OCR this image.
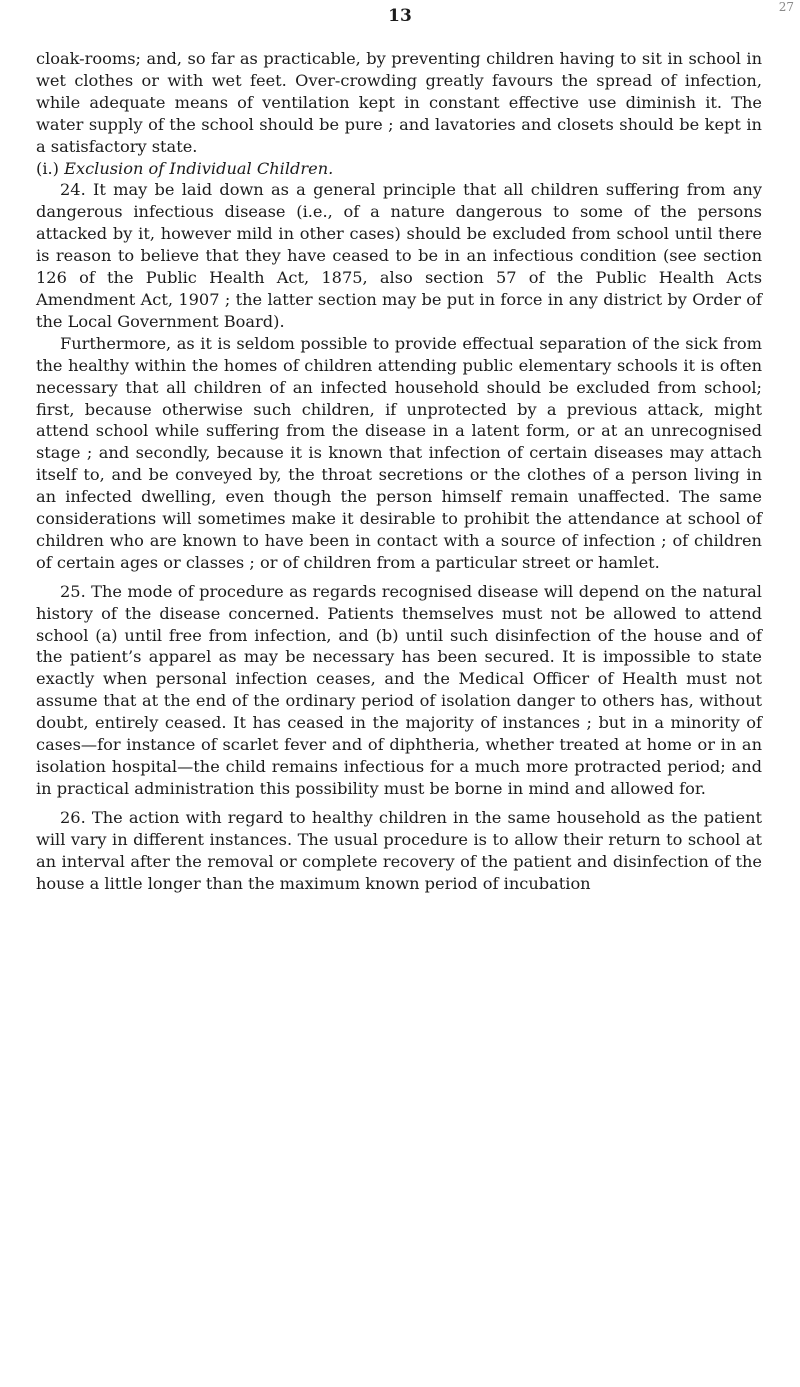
13	27

cloak-rooms; and, so far as practicable, by preventing children having to sit in school in wet clothes or with wet feet. Over-crowding greatly favours the spread of infection, while adequate means of ventilation kept in constant effective use diminish it. The water supply of the school should be pure ; and lavatories and closets should be kept in a satisfactory state.

(i.) Exclusion of Individual Children.

24. It may be laid down as a general principle that all children suffering from any dangerous infectious disease (i.e., of a nature dangerous to some of the persons attacked by it, however mild in other cases) should be excluded from school until there is reason to believe that they have ceased to be in an infectious condition (see section 126 of the Public Health Act, 1875, also section 57 of the Public Health Acts Amendment Act, 1907 ; the latter section may be put in force in any district by Order of the Local Government Board).

Furthermore, as it is seldom possible to provide effectual separation of the sick from the healthy within the homes of children attending public elementary schools it is often necessary that all children of an infected household should be excluded from school; first, because otherwise such children, if unprotected by a previous attack, might attend school while suffering from the disease in a latent form, or at an unrecognised stage ; and secondly, because it is known that infection of certain diseases may attach itself to, and be conveyed by, the throat secretions or the clothes of a person living in an infected dwelling, even though the person himself remain unaffected. The same considerations will sometimes make it desirable to prohibit the attendance at school of children who are known to have been in contact with a source of infection ; of children of certain ages or classes ; or of children from a particular street or hamlet.

25. The mode of procedure as regards recognised disease will depend on the natural history of the disease concerned. Patients themselves must not be allowed to attend school (a) until free from infection, and (b) until such disinfection of the house and of the patient’s apparel as may be necessary has been secured. It is impossible to state exactly when personal infection ceases, and the Medical Officer of Health must not assume that at the end of the ordinary period of isolation danger to others has, without doubt, entirely ceased. It has ceased in the majority of instances ; but in a minority of cases—for instance of scarlet fever and of diphtheria, whether treated at home or in an isolation hospital—the child remains infectious for a much more protracted period; and in practical administration this possibility must be borne in mind and allowed for.

26. The action with regard to healthy children in the same household as the patient will vary in different instances. The usual procedure is to allow their return to school at an interval after the removal or complete recovery of the patient and disinfection of the house a little longer than the maximum known period of incubation
